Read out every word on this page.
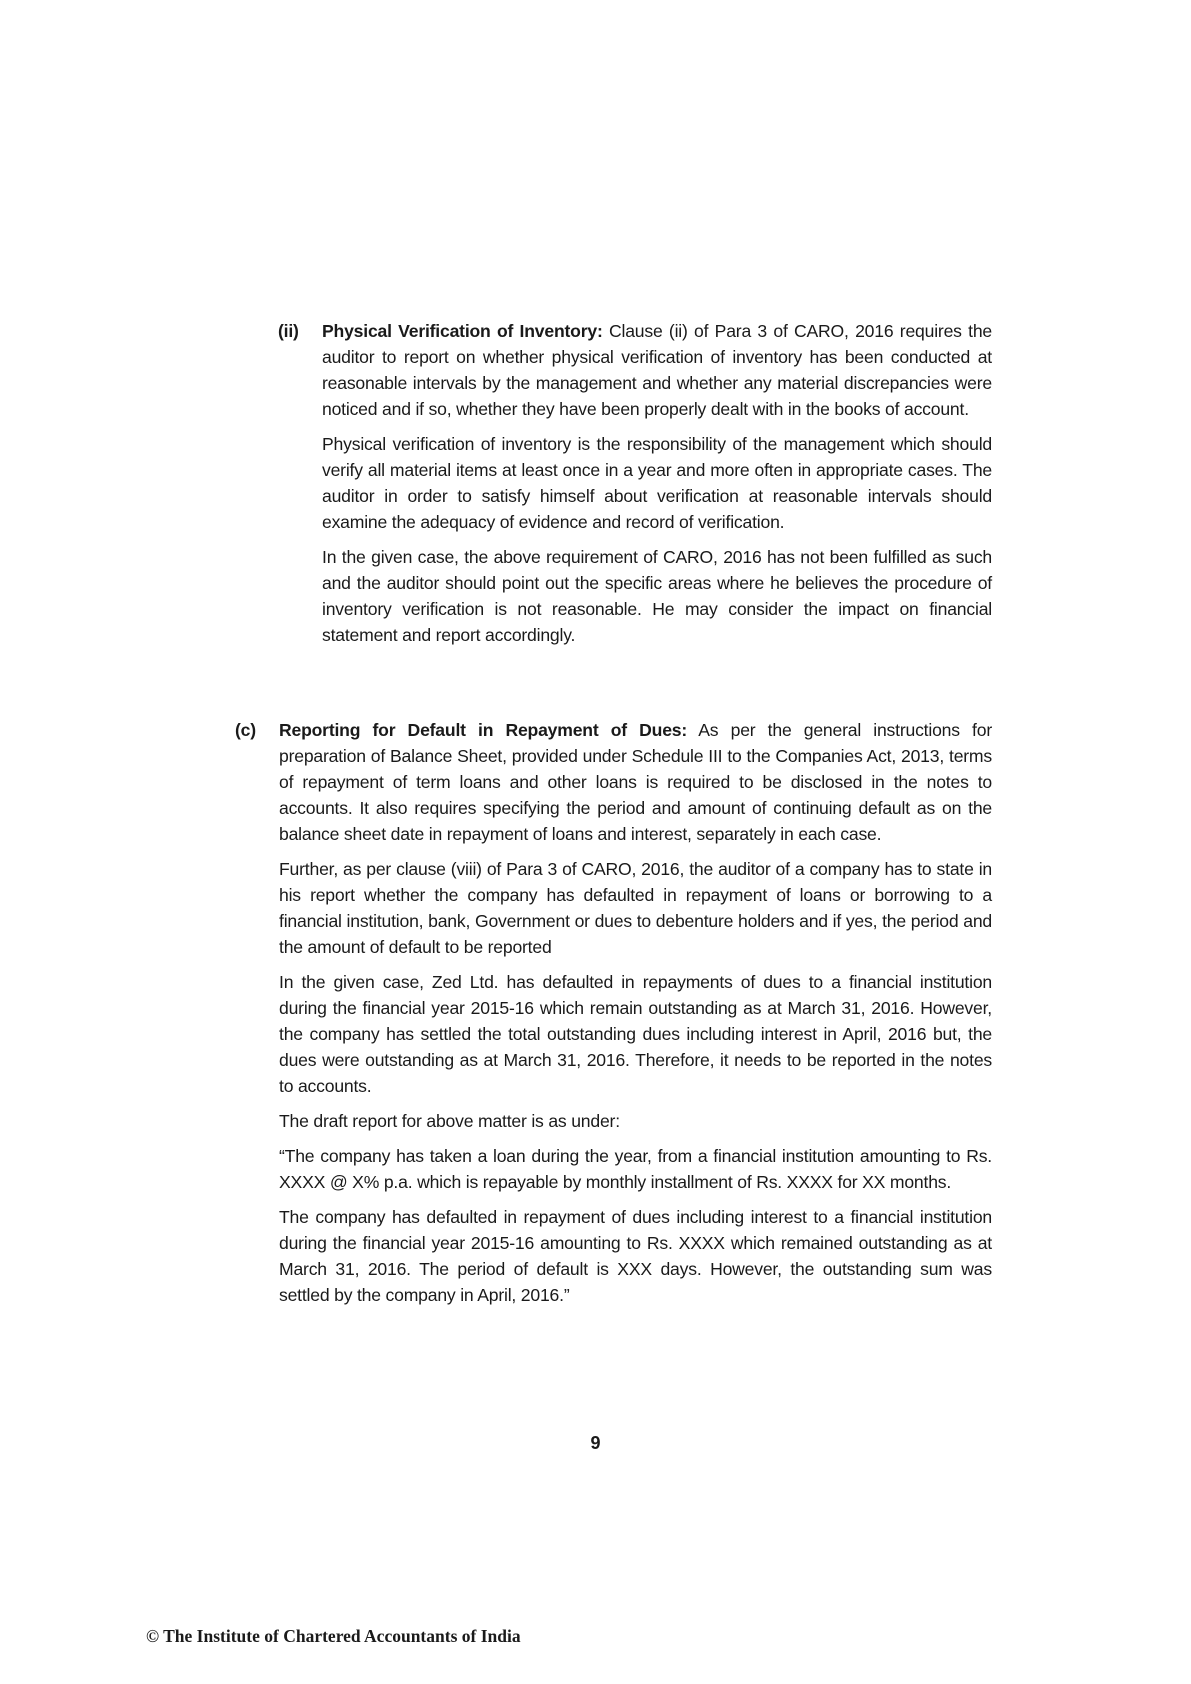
(ii) Physical Verification of Inventory: Clause (ii) of Para 3 of CARO, 2016 requires the auditor to report on whether physical verification of inventory has been conducted at reasonable intervals by the management and whether any material discrepancies were noticed and if so, whether they have been properly dealt with in the books of account.

Physical verification of inventory is the responsibility of the management which should verify all material items at least once in a year and more often in appropriate cases. The auditor in order to satisfy himself about verification at reasonable intervals should examine the adequacy of evidence and record of verification.

In the given case, the above requirement of CARO, 2016 has not been fulfilled as such and the auditor should point out the specific areas where he believes the procedure of inventory verification is not reasonable. He may consider the impact on financial statement and report accordingly.

(c) Reporting for Default in Repayment of Dues: As per the general instructions for preparation of Balance Sheet, provided under Schedule III to the Companies Act, 2013, terms of repayment of term loans and other loans is required to be disclosed in the notes to accounts. It also requires specifying the period and amount of continuing default as on the balance sheet date in repayment of loans and interest, separately in each case.

Further, as per clause (viii) of Para 3 of CARO, 2016, the auditor of a company has to state in his report whether the company has defaulted in repayment of loans or borrowing to a financial institution, bank, Government or dues to debenture holders and if yes, the period and the amount of default to be reported

In the given case, Zed Ltd. has defaulted in repayments of dues to a financial institution during the financial year 2015-16 which remain outstanding as at March 31, 2016. However, the company has settled the total outstanding dues including interest in April, 2016 but, the dues were outstanding as at March 31, 2016. Therefore, it needs to be reported in the notes to accounts.

The draft report for above matter is as under:

“The company has taken a loan during the year, from a financial institution amounting to Rs. XXXX @ X% p.a. which is repayable by monthly installment of Rs. XXXX for XX months.

The company has defaulted in repayment of dues including interest to a financial institution during the financial year 2015-16 amounting to Rs. XXXX which remained outstanding as at March 31, 2016. The period of default is XXX days. However, the outstanding sum was settled by the company in April, 2016.”

9
© The Institute of Chartered Accountants of India
